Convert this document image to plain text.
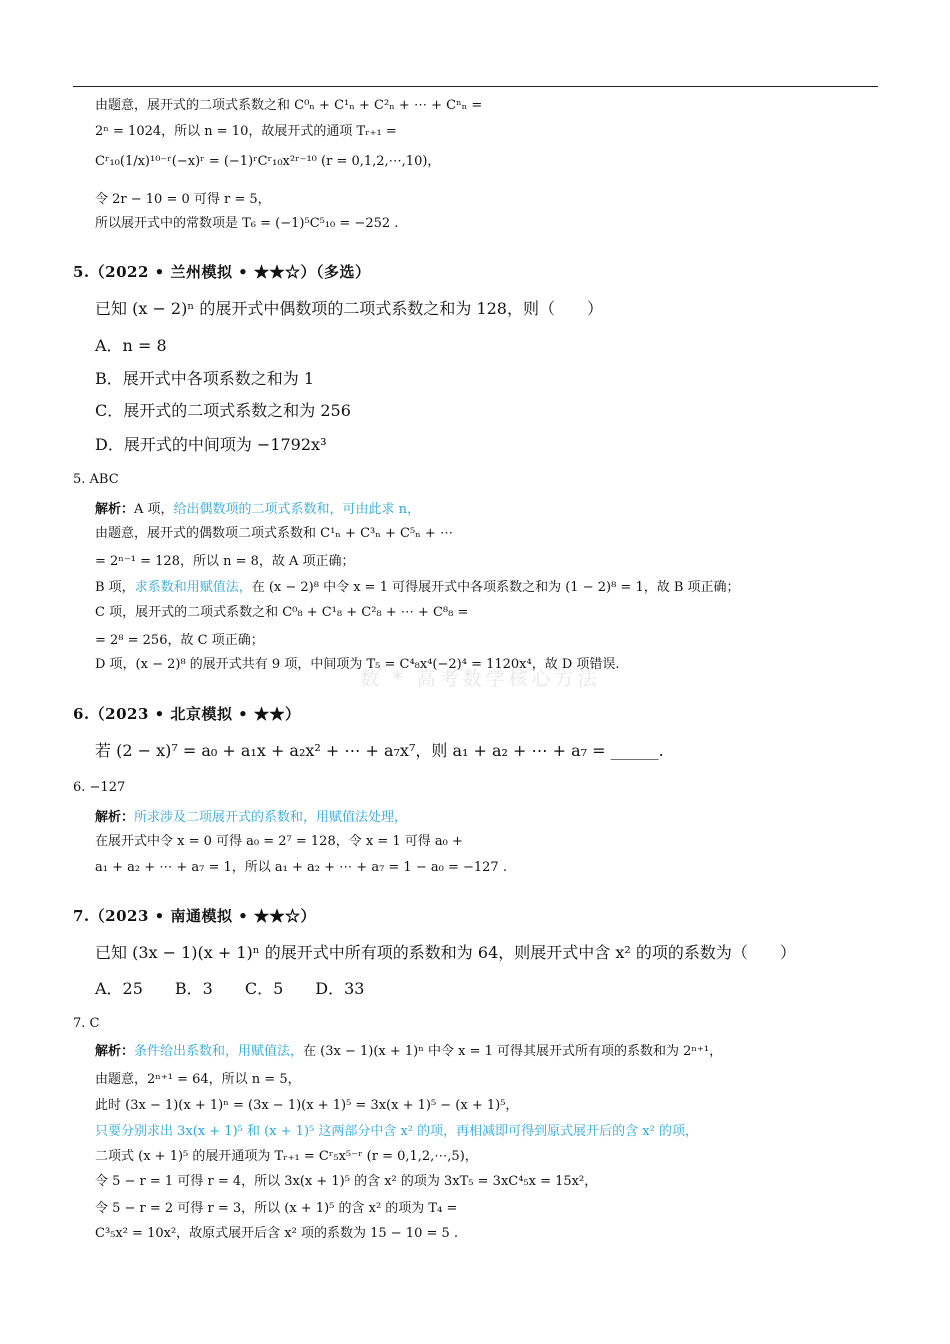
由题意，展开式的二项式系数之和 C⁰ₙ + C¹ₙ + C²ₙ + ⋯ + Cⁿₙ =
2ⁿ = 1024，所以 n = 10，故展开式的通项 Tᵣ₊₁ =
Cʳ₁₀(1/x)¹⁰⁻ʳ(−x)ʳ = (−1)ʳCʳ₁₀x²ʳ⁻¹⁰ (r = 0,1,2,⋯,10)，
令 2r − 10 = 0 可得 r = 5，
所以展开式中的常数项是 T₆ = (−1)⁵C⁵₁₀ = −252 .
5.（2022 • 兰州模拟 • ★★☆）（多选）
已知 (x − 2)ⁿ 的展开式中偶数项的二项式系数之和为 128，则（　　）
A．n = 8
B．展开式中各项系数之和为 1
C．展开式的二项式系数之和为 256
D．展开式的中间项为 −1792x³
5. ABC
解析：A 项，给出偶数项的二项式系数和，可由此求 n，
由题意，展开式的偶数项二项式系数和 C¹ₙ + C³ₙ + C⁵ₙ + ⋯
= 2ⁿ⁻¹ = 128，所以 n = 8，故 A 项正确；
B 项，求系数和用赋值法，在 (x − 2)⁸ 中令 x = 1 可得展开式中各项系数之和为 (1 − 2)⁸ = 1，故 B 项正确；
C 项，展开式的二项式系数之和 C⁰₈ + C¹₈ + C²₈ + ⋯ + C⁸₈ =
= 2⁸ = 256，故 C 项正确；
D 项，(x − 2)⁸ 的展开式共有 9 项，中间项为 T₅ = C⁴₈x⁴(−2)⁴ = 1120x⁴，故 D 项错误.
数 * 高考数学核心方法
6.（2023 • 北京模拟 • ★★）
若 (2 − x)⁷ = a₀ + a₁x + a₂x² + ⋯ + a₇x⁷，则 a₁ + a₂ + ⋯ + a₇ = ______.
6. −127
解析：所求涉及二项展开式的系数和，用赋值法处理，
在展开式中令 x = 0 可得 a₀ = 2⁷ = 128，令 x = 1 可得 a₀ +
a₁ + a₂ + ⋯ + a₇ = 1，所以 a₁ + a₂ + ⋯ + a₇ = 1 − a₀ = −127 .
7.（2023 • 南通模拟 • ★★☆）
已知 (3x − 1)(x + 1)ⁿ 的展开式中所有项的系数和为 64，则展开式中含 x² 的项的系数为（　　）
A．25　　B．3　　C．5　　D．33
7. C
解析：条件给出系数和，用赋值法，在 (3x − 1)(x + 1)ⁿ 中令 x = 1 可得其展开式所有项的系数和为 2ⁿ⁺¹，
由题意，2ⁿ⁺¹ = 64，所以 n = 5，
此时 (3x − 1)(x + 1)ⁿ = (3x − 1)(x + 1)⁵ = 3x(x + 1)⁵ − (x + 1)⁵，
只要分别求出 3x(x + 1)⁵ 和 (x + 1)⁵ 这两部分中含 x² 的项，再相减即可得到原式展开后的含 x² 的项，
二项式 (x + 1)⁵ 的展开通项为 Tᵣ₊₁ = Cʳ₅x⁵⁻ʳ (r = 0,1,2,⋯,5)，
令 5 − r = 1 可得 r = 4，所以 3x(x + 1)⁵ 的含 x² 的项为 3xT₅ = 3xC⁴₅x = 15x²，
令 5 − r = 2 可得 r = 3，所以 (x + 1)⁵ 的含 x² 的项为 T₄ =
C³₅x² = 10x²，故原式展开后含 x² 项的系数为 15 − 10 = 5 .
